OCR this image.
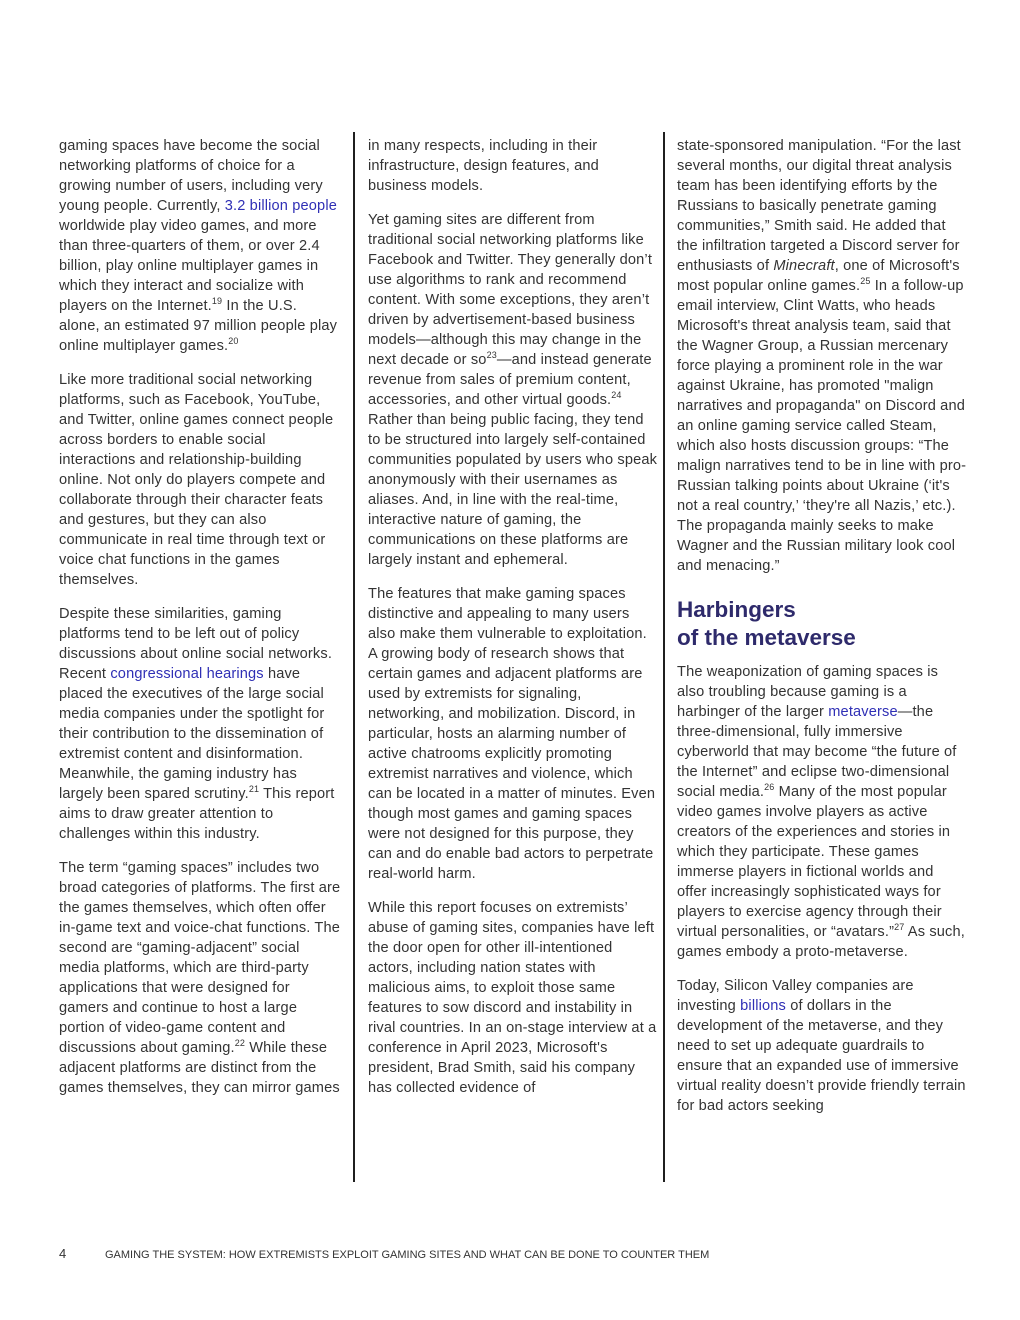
gaming spaces have become the social networking platforms of choice for a growing number of users, including very young people. Currently, 3.2 billion people worldwide play video games, and more than three-quarters of them, or over 2.4 billion, play online multiplayer games in which they interact and socialize with players on the Internet.$^{19}$ In the U.S. alone, an estimated 97 million people play online multiplayer games.$^{20}$

Like more traditional social networking platforms, such as Facebook, YouTube, and Twitter, online games connect people across borders to enable social interactions and relationship-building online. Not only do players compete and collaborate through their character feats and gestures, but they can also communicate in real time through text or voice chat functions in the games themselves.

Despite these similarities, gaming platforms tend to be left out of policy discussions about online social networks. Recent congressional hearings have placed the executives of the large social media companies under the spotlight for their contribution to the dissemination of extremist content and disinformation. Meanwhile, the gaming industry has largely been spared scrutiny.$^{21}$ This report aims to draw greater attention to challenges within this industry.

The term “gaming spaces” includes two broad categories of platforms. The first are the games themselves, which often offer in-game text and voice-chat functions. The second are “gaming-adjacent” social media platforms, which are third-party applications that were designed for gamers and continue to host a large portion of video-game content and discussions about gaming.$^{22}$ While these adjacent platforms are distinct from the games themselves, they can mirror games

in many respects, including in their infrastructure, design features, and business models.

Yet gaming sites are different from traditional social networking platforms like Facebook and Twitter. They generally don’t use algorithms to rank and recommend content. With some exceptions, they aren’t driven by advertisement-based business models—although this may change in the next decade or $so^{23}—and$ instead generate revenue from sales of premium content, accessories, and other virtual goods.$^{24}$ Rather than being public facing, they tend to be structured into largely self-contained communities populated by users who speak anonymously with their usernames as aliases. And, in line with the real-time, interactive nature of gaming, the communications on these platforms are largely instant and ephemeral.

The features that make gaming spaces distinctive and appealing to many users also make them vulnerable to exploitation. A growing body of research shows that certain games and adjacent platforms are used by extremists for signaling, networking, and mobilization. Discord, in particular, hosts an alarming number of active chatrooms explicitly promoting extremist narratives and violence, which can be located in a matter of minutes. Even though most games and gaming spaces were not designed for this purpose, they can and do enable bad actors to perpetrate real-world harm.

While this report focuses on extremists’ abuse of gaming sites, companies have left the door open for other ill-intentioned actors, including nation states with malicious aims, to exploit those same features to sow discord and instability in rival countries. In an on-stage interview at a conference in April 2023, Microsoft's president, Brad Smith, said his company has collected evidence of

state-sponsored manipulation. “For the last several months, our digital threat analysis team has been identifying efforts by the Russians to basically penetrate gaming communities,” Smith said. He added that the infiltration targeted a Discord server for enthusiasts of Minecraft, one of Microsoft's most popular online games.$^{25}$ In a follow-up email interview, Clint Watts, who heads Microsoft's threat analysis team, said that the Wagner Group, a Russian mercenary force playing a prominent role in the war against Ukraine, has promoted "malign narratives and propaganda" on Discord and an online gaming service called Steam, which also hosts discussion groups: “The malign narratives tend to be in line with pro-Russian talking points about Ukraine (‘it's not a real country,’ ‘they're all Nazis,’ etc.). The propaganda mainly seeks to make Wagner and the Russian military look cool and menacing.”

Harbingers
of the metaverse

The weaponization of gaming spaces is also troubling because gaming is a harbinger of the larger metaverse—the three-dimensional, fully immersive cyberworld that may become “the future of the Internet” and eclipse two-dimensional social media.$^{26}$ Many of the most popular video games involve players as active creators of the experiences and stories in which they participate. These games immerse players in fictional worlds and offer increasingly sophisticated ways for players to exercise agency through their virtual personalities, or “avatars.”$^{27}$ As such, games embody a proto-metaverse.

Today, Silicon Valley companies are investing billions of dollars in the development of the metaverse, and they need to set up adequate guardrails to ensure that an expanded use of immersive virtual reality doesn’t provide friendly terrain for bad actors seeking

4	GAMING THE SYSTEM: HOW EXTREMISTS EXPLOIT GAMING SITES AND WHAT CAN BE DONE TO COUNTER THEM
